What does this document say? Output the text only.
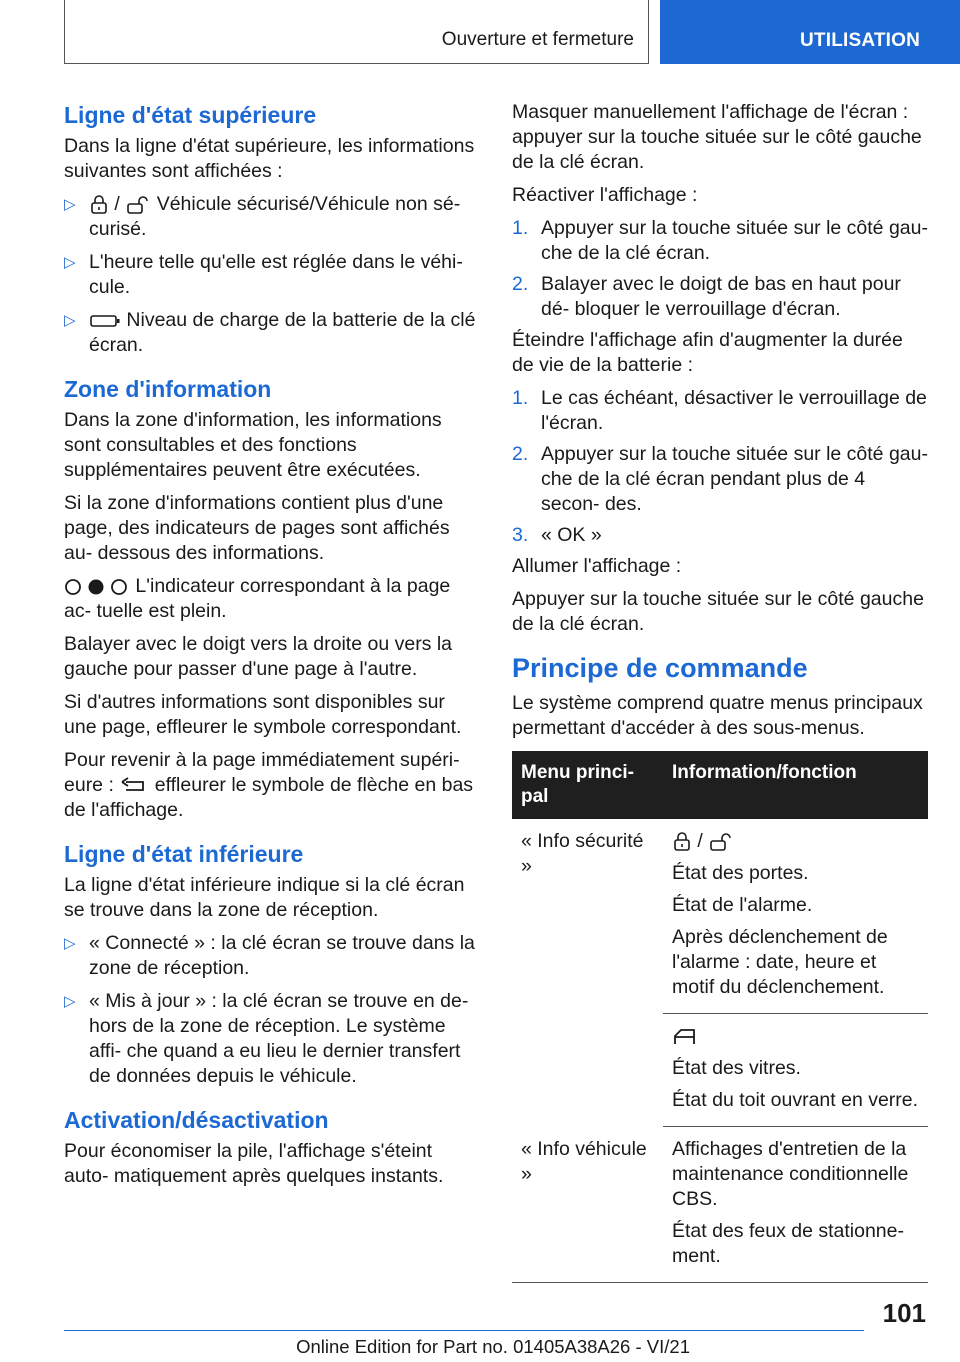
Ouverture et fermeture	UTILISATION
Ligne d'état supérieure

Dans la ligne d'état supérieure, les informations suivantes sont affichées :

▷ / Véhicule sécurisé/Véhicule non sé- curisé.
▷ L'heure telle qu'elle est réglée dans le véhi- cule.
▷	Niveau de charge de la batterie de la clé écran.
Zone d'information

Dans la zone d'information, les informations sont consultables et des fonctions supplémentaires peuvent être exécutées.

Si la zone d'informations contient plus d'une page, des indicateurs de pages sont affichés au- dessous des informations.

L'indicateur correspondant à la page ac- tuelle est plein.

Balayer avec le doigt vers la droite ou vers la gauche pour passer d'une page à l'autre.

Si d'autres informations sont disponibles sur une page, effleurer le symbole correspondant.

Pour revenir à la page immédiatement supéri- eure : effleurer le symbole de flèche en bas de l'affichage.

Ligne d'état inférieure

La ligne d'état inférieure indique si la clé écran se trouve dans la zone de réception.

▷ « Connecté » : la clé écran se trouve dans la zone de réception.
▷ « Mis à jour » : la clé écran se trouve en de- hors de la zone de réception. Le système affi- che quand a eu lieu le dernier transfert de données depuis le véhicule.
Activation/désactivation

Pour économiser la pile, l'affichage s'éteint auto- matiquement après quelques instants.

Masquer manuellement l'affichage de l'écran : appuyer sur la touche située sur le côté gauche de la clé écran.

Réactiver l'affichage :

1. Appuyer sur la touche située sur le côté gau- che de la clé écran.
2. Balayer avec le doigt de bas en haut pour dé- bloquer le verrouillage d'écran.

Éteindre l'affichage afin d'augmenter la durée de vie de la batterie :

1. Le cas échéant, désactiver le verrouillage de l'écran.
2. Appuyer sur la touche située sur le côté gau- che de la clé écran pendant plus de 4 secon- des.
3. « OK »

Allumer l'affichage :

Appuyer sur la touche située sur le côté gauche de la clé écran.

Principe de commande

Le système comprend quatre menus principaux permettant d'accéder à des sous-menus.

Menu princi- pal	Information/fonction
« Info sécurité »	/

État des portes.

État de l'alarme.

Après déclenchement de l'alarme : date, heure et motif du déclenchement.

	État des vitres.

État du toit ouvrant en verre.

« Info véhicule »	Affichages d'entretien de la maintenance conditionnelle CBS.

État des feux de stationne- ment.

101
Online Edition for Part no. 01405A38A26 - VI/21
